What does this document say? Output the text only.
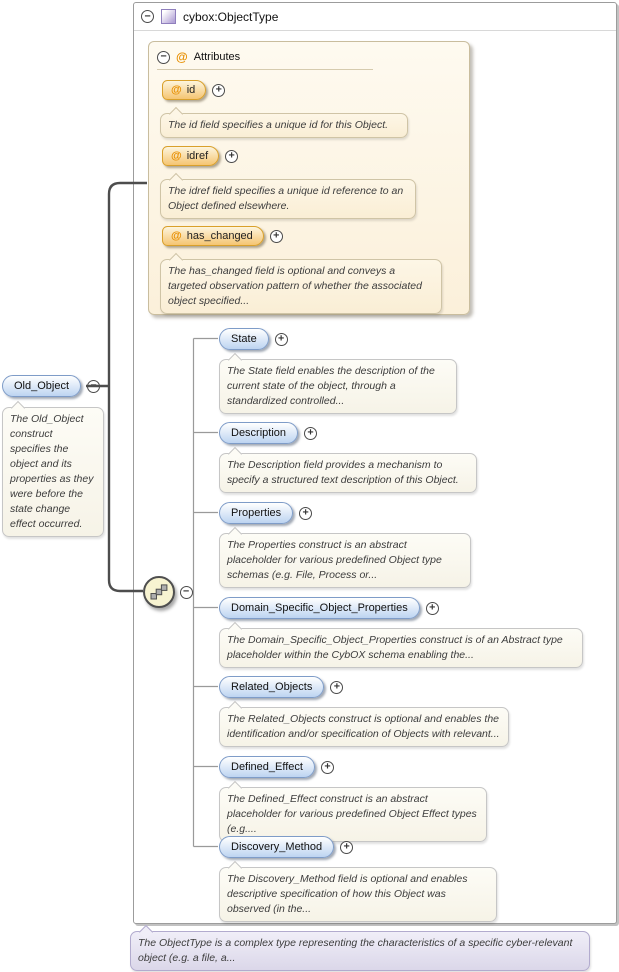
Old_Object	−
The Old_Object construct specifies the object and its properties as they were before the state change effect occurred.
−	cybox:ObjectType
− @ Attributes
@ id	+
The id field specifies a unique id for this Object.
@ idref	+
The idref field specifies a unique id reference to an Object defined elsewhere.
@ has_changed	+
The has_changed field is optional and conveys a targeted observation pattern of whether the associated object specified...
State	+
The State field enables the description of the current state of the object, through a standardized controlled...
Description	+
The Description field provides a mechanism to specify a structured text description of this Object.
Properties	+
The Properties construct is an abstract placeholder for various predefined Object type schemas (e.g. File, Process or...
Domain_Specific_Object_Properties	+
The Domain_Specific_Object_Properties construct is of an Abstract type placeholder within the CybOX schema enabling the...
Related_Objects	+
The Related_Objects construct is optional and enables the identification and/or specification of Objects with relevant...
Defined_Effect	+
The Defined_Effect construct is an abstract placeholder for various predefined Object Effect types (e.g....
Discovery_Method	+
The Discovery_Method field is optional and enables descriptive specification of how this Object was observed (in the...
−
The ObjectType is a complex type representing the characteristics of a specific cyber-relevant object (e.g. a file, a...
